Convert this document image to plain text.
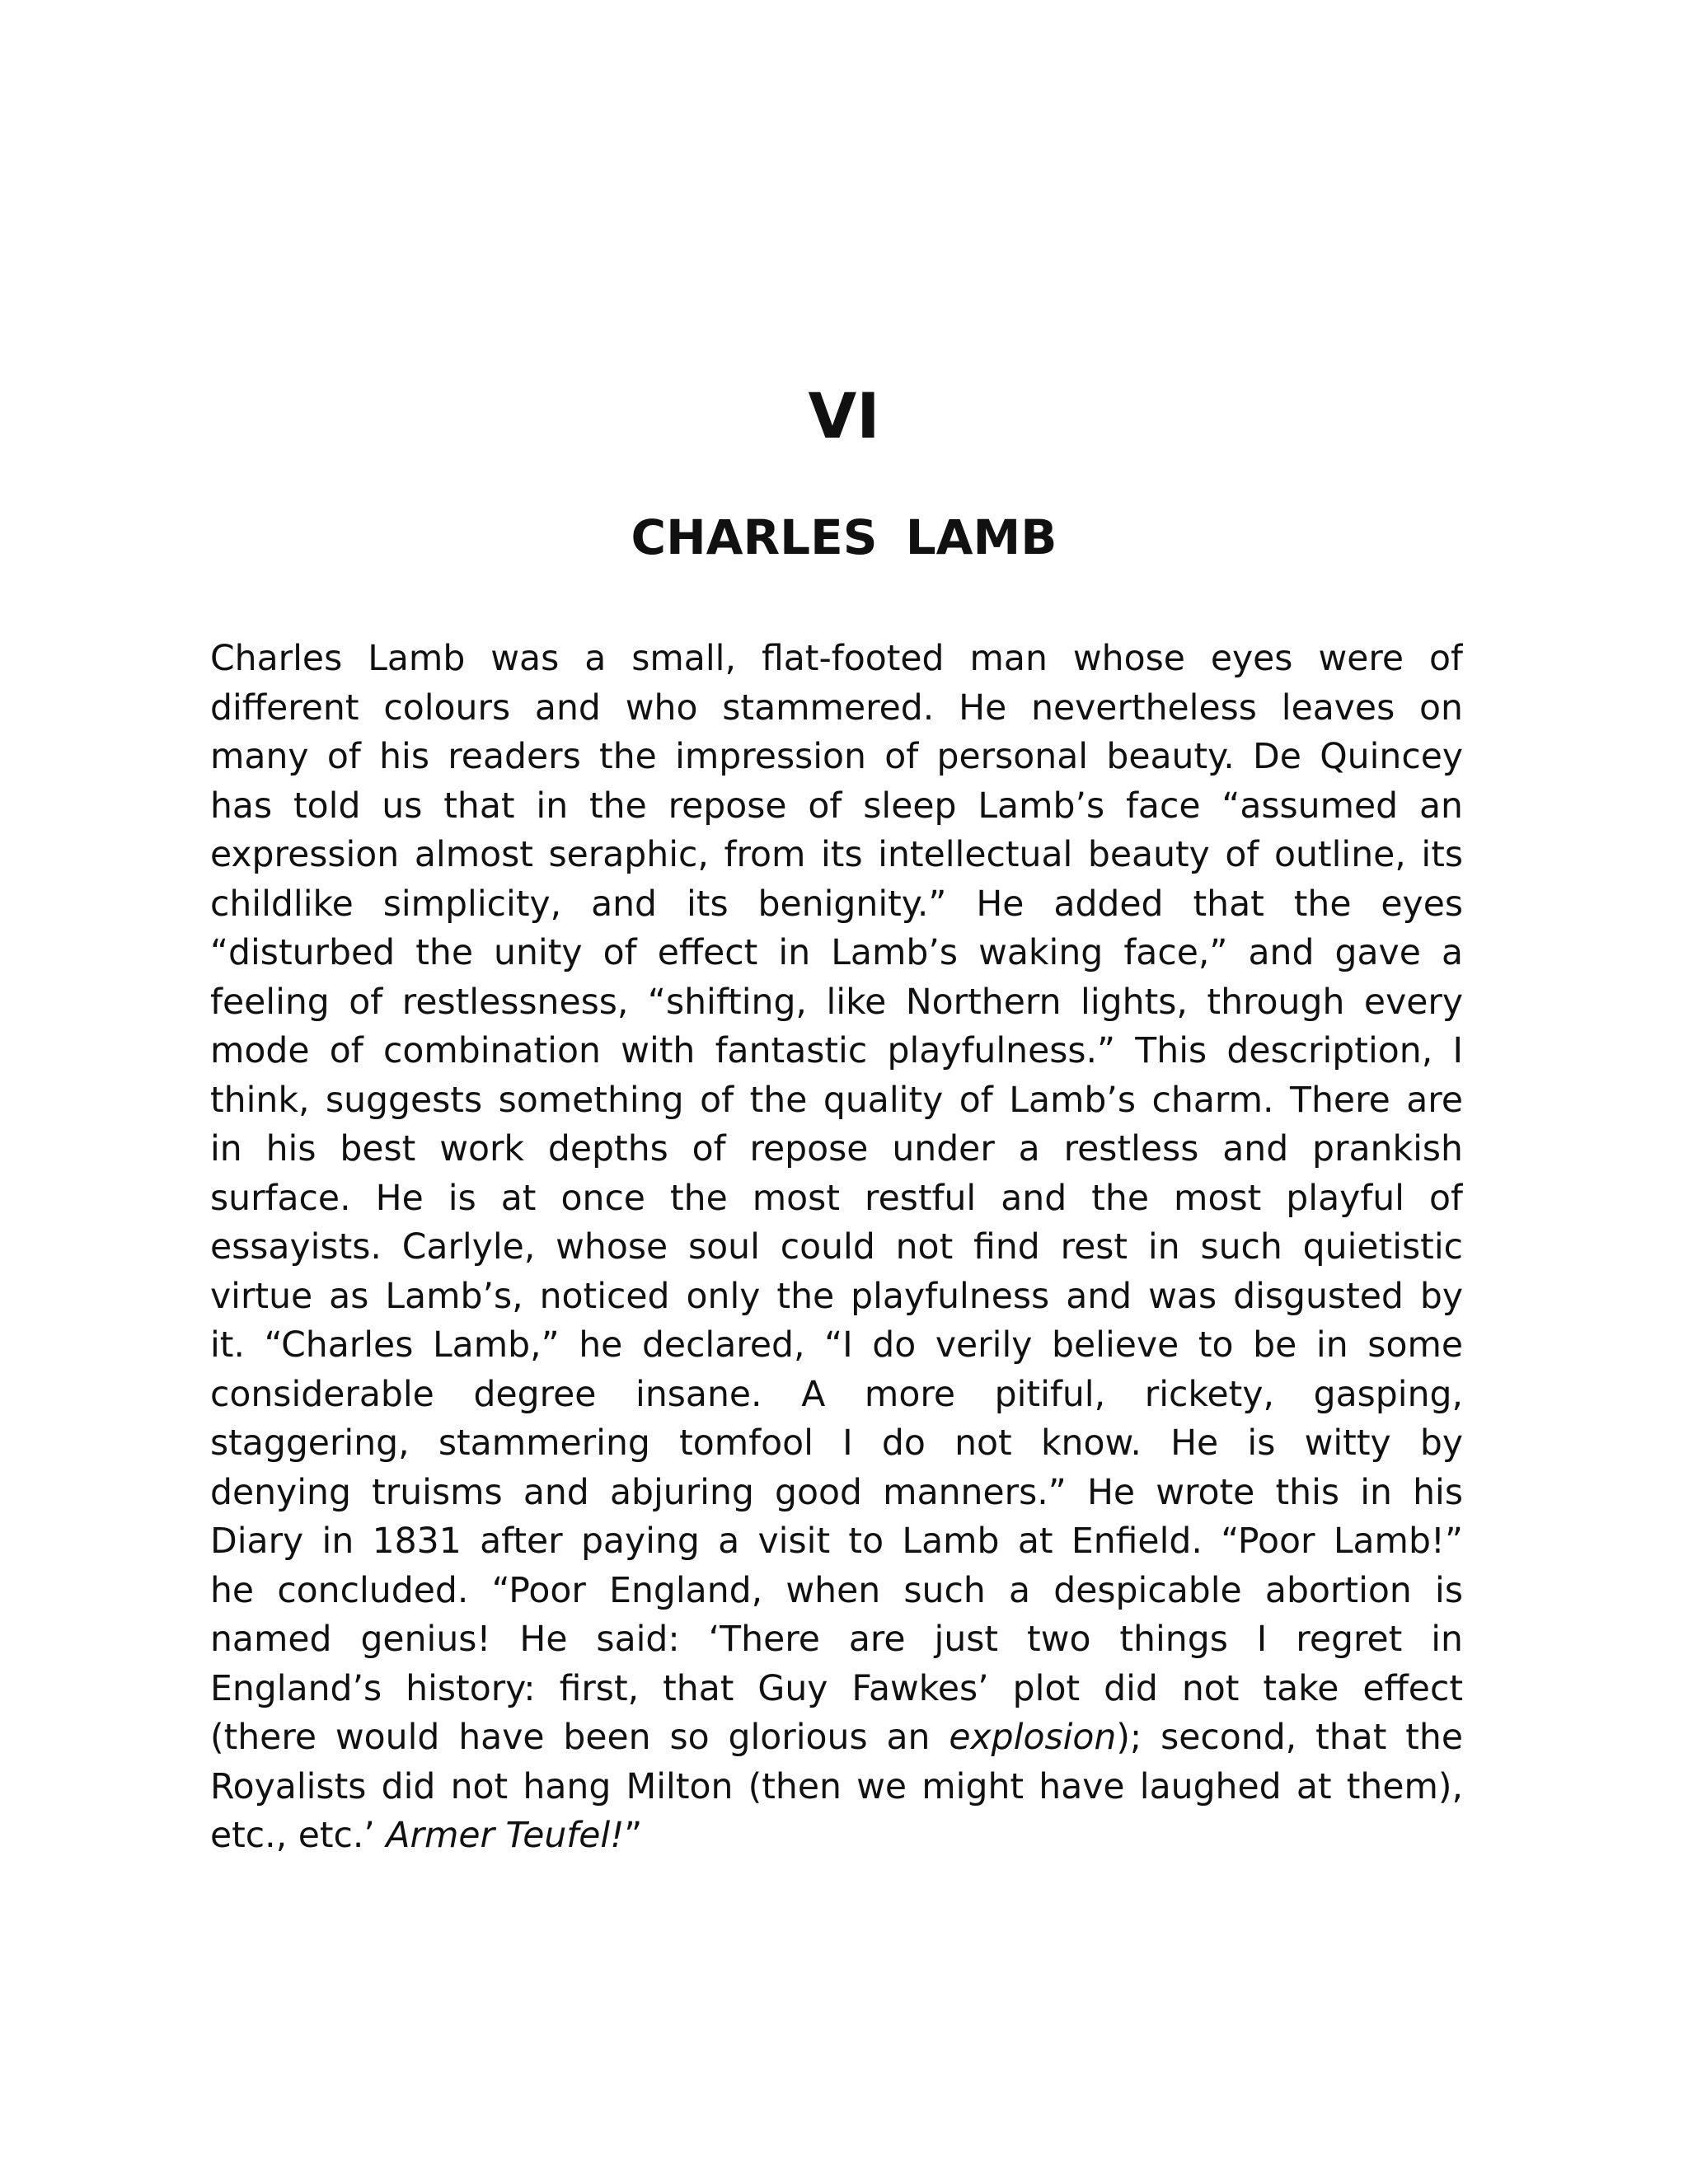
VI
CHARLES LAMB
Charles Lamb was a small, flat-footed man whose eyes were of
different colours and who stammered. He nevertheless leaves on
many of his readers the impression of personal beauty. De Quincey
has told us that in the repose of sleep Lamb’s face “assumed an
expression almost seraphic, from its intellectual beauty of outline, its
childlike simplicity, and its benignity.” He added that the eyes
“disturbed the unity of effect in Lamb’s waking face,” and gave a
feeling of restlessness, “shifting, like Northern lights, through every
mode of combination with fantastic playfulness.” This description, I
think, suggests something of the quality of Lamb’s charm. There are
in his best work depths of repose under a restless and prankish
surface. He is at once the most restful and the most playful of
essayists. Carlyle, whose soul could not find rest in such quietistic
virtue as Lamb’s, noticed only the playfulness and was disgusted by
it. “Charles Lamb,” he declared, “I do verily believe to be in some
considerable degree insane. A more pitiful, rickety, gasping,
staggering, stammering tomfool I do not know. He is witty by
denying truisms and abjuring good manners.” He wrote this in his
Diary in 1831 after paying a visit to Lamb at Enfield. “Poor Lamb!”
he concluded. “Poor England, when such a despicable abortion is
named genius! He said: ‘There are just two things I regret in
England’s history: first, that Guy Fawkes’ plot did not take effect
(there would have been so glorious an explosion); second, that the
Royalists did not hang Milton (then we might have laughed at them),
etc., etc.’ Armer Teufel!”
